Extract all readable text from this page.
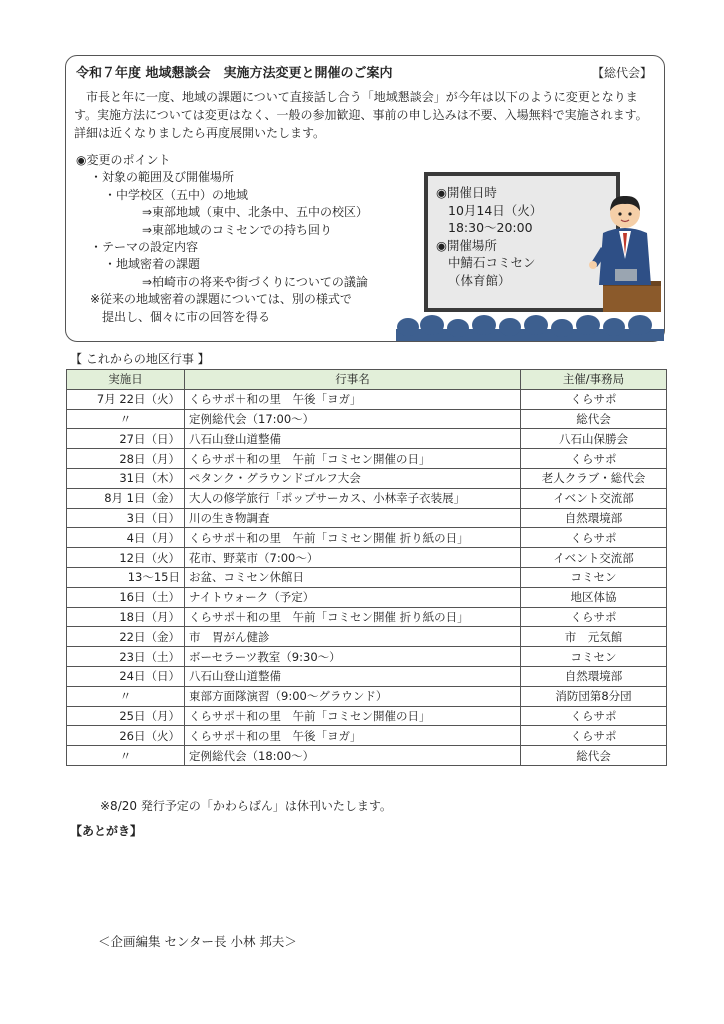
令和７年度 地域懇談会　実施方法変更と開催のご案内	【総代会】
市長と年に一度、地域の課題について直接話し合う「地域懇談会」が今年は以下のように変更となります。実施方法については変更はなく、一般の参加歓迎、事前の申し込みは不要、入場無料で実施されます。詳細は近くなりましたら再度展開いたします。
◉変更のポイント
・対象の範囲及び開催場所
・中学校区（五中）の地域
⇒東部地域（東中、北条中、五中の校区）
⇒東部地域のコミセンでの持ち回り
・テーマの設定内容
・地域密着の課題
⇒柏崎市の将来や街づくりについての議論
※従来の地域密着の課題については、別の様式で
提出し、個々に市の回答を得る
◉開催日時
10月14日（火）
18:30〜20:00
◉開催場所
中鯖石コミセン
（体育館）
【 これからの地区行事 】
実施日	行事名	主催/事務局
7月 22日（火）	くらサポ＋和の里　午後「ヨガ」	くらサポ
〃	定例総代会（17:00〜）	総代会
27日（日）	八石山登山道整備	八石山保勝会
28日（月）	くらサポ＋和の里　午前「コミセン開催の日」	くらサポ
31日（木）	ペタンク・グラウンドゴルフ大会	老人クラブ・総代会
8月 1日（金）	大人の修学旅行「ポップサーカス、小林幸子衣装展」	イベント交流部
3日（日）	川の生き物調査	自然環境部
4日（月）	くらサポ＋和の里　午前「コミセン開催 折り紙の日」	くらサポ
12日（火）	花市、野菜市（7:00〜）	イベント交流部
13〜15日	お盆、コミセン休館日	コミセン
16日（土）	ナイトウォーク（予定）	地区体協
18日（月）	くらサポ＋和の里　午前「コミセン開催 折り紙の日」	くらサポ
22日（金）	市　胃がん健診	市　元気館
23日（土）	ボーセラーツ教室（9:30〜）	コミセン
24日（日）	八石山登山道整備	自然環境部
〃	東部方面隊演習（9:00〜グラウンド）	消防団第8分団
25日（月）	くらサポ＋和の里　午前「コミセン開催の日」	くらサポ
26日（火）	くらサポ＋和の里　午後「ヨガ」	くらサポ
〃	定例総代会（18:00〜）	総代会
※8/20 発行予定の「かわらばん」は休刊いたします。
【あとがき】
＜企画編集 センター長 小林 邦夫＞
